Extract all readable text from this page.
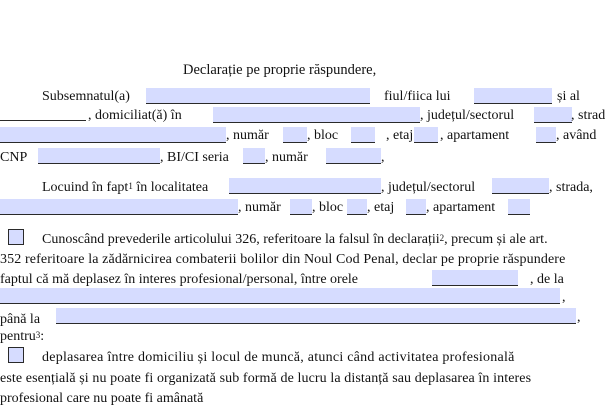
Declarație pe proprie răspundere,
Subsemnatul(a)	fiul/fiica lui	și al
, domiciliat(ă) în	, județul/sectorul	, strad
, număr	, bloc	, etaj , apartament	, având
CNP	, BI/CI seria	, număr	,
Locuind în fapt$^1$ în localitatea	, județul/sectorul	, strada,
, număr , bloc , etaj , apartament
Cunoscând prevederile articolului 326, referitoare la falsul în declarații$^2$, precum și ale art.
352 referitoare la zădărnicirea combaterii bolilor din Noul Cod Penal, declar pe proprie răspundere
faptul că mă deplasez în interes profesional/personal, între orele	, de la
,
până la	,
pentru$^3$:
deplasarea între domiciliu și locul de muncă, atunci când activitatea profesională
este esențială și nu poate fi organizată sub formă de lucru la distanță sau deplasarea în interes
profesional care nu poate fi amânată
